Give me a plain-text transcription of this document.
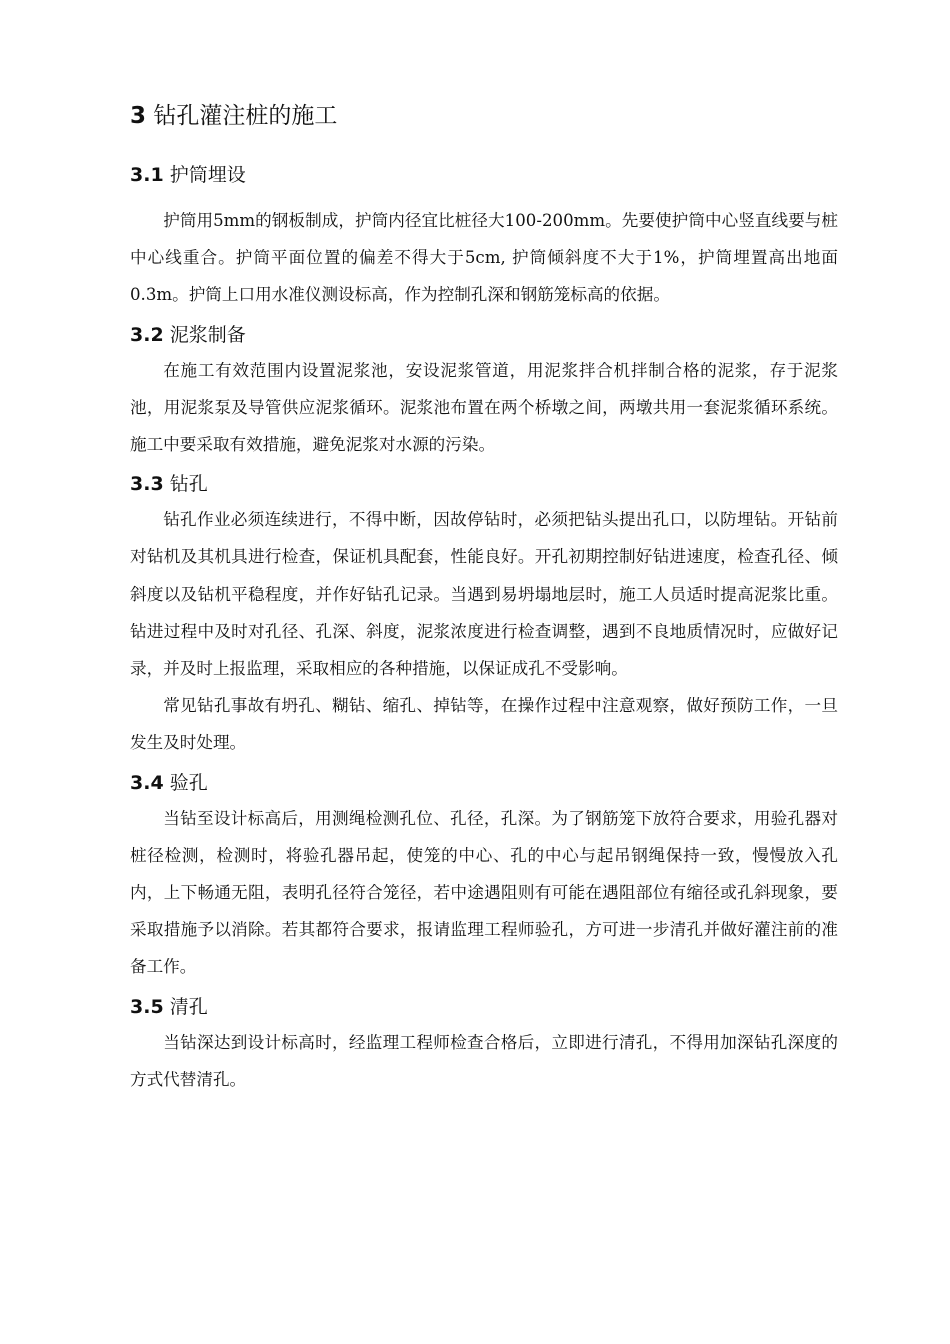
3 钻孔灌注桩的施工
3.1 护筒埋设

护筒用5mm的钢板制成，护筒内径宜比桩径大100-200mm。先要使护筒中心竖直线要与桩中心线重合。护筒平面位置的偏差不得大于5cm, 护筒倾斜度不大于1%，护筒埋置高出地面0.3m。护筒上口用水准仪测设标高，作为控制孔深和钢筋笼标高的依据。

3.2 泥浆制备

在施工有效范围内设置泥浆池，安设泥浆管道，用泥浆拌合机拌制合格的泥浆，存于泥浆池，用泥浆泵及导管供应泥浆循环。泥浆池布置在两个桥墩之间，两墩共用一套泥浆循环系统。施工中要采取有效措施，避免泥浆对水源的污染。

3.3 钻孔

钻孔作业必须连续进行，不得中断，因故停钻时，必须把钻头提出孔口，以防埋钻。开钻前对钻机及其机具进行检查，保证机具配套，性能良好。开孔初期控制好钻进速度，检查孔径、倾斜度以及钻机平稳程度，并作好钻孔记录。当遇到易坍塌地层时，施工人员适时提高泥浆比重。钻进过程中及时对孔径、孔深、斜度，泥浆浓度进行检查调整，遇到不良地质情况时，应做好记录，并及时上报监理，采取相应的各种措施，以保证成孔不受影响。

常见钻孔事故有坍孔、糊钻、缩孔、掉钻等，在操作过程中注意观察，做好预防工作，一旦发生及时处理。

3.4 验孔

当钻至设计标高后，用测绳检测孔位、孔径，孔深。为了钢筋笼下放符合要求，用验孔器对桩径检测，检测时，将验孔器吊起，使笼的中心、孔的中心与起吊钢绳保持一致，慢慢放入孔内，上下畅通无阻，表明孔径符合笼径，若中途遇阻则有可能在遇阻部位有缩径或孔斜现象，要采取措施予以消除。若其都符合要求，报请监理工程师验孔，方可进一步清孔并做好灌注前的准备工作。

3.5 清孔

当钻深达到设计标高时，经监理工程师检查合格后，立即进行清孔，不得用加深钻孔深度的方式代替清孔。
